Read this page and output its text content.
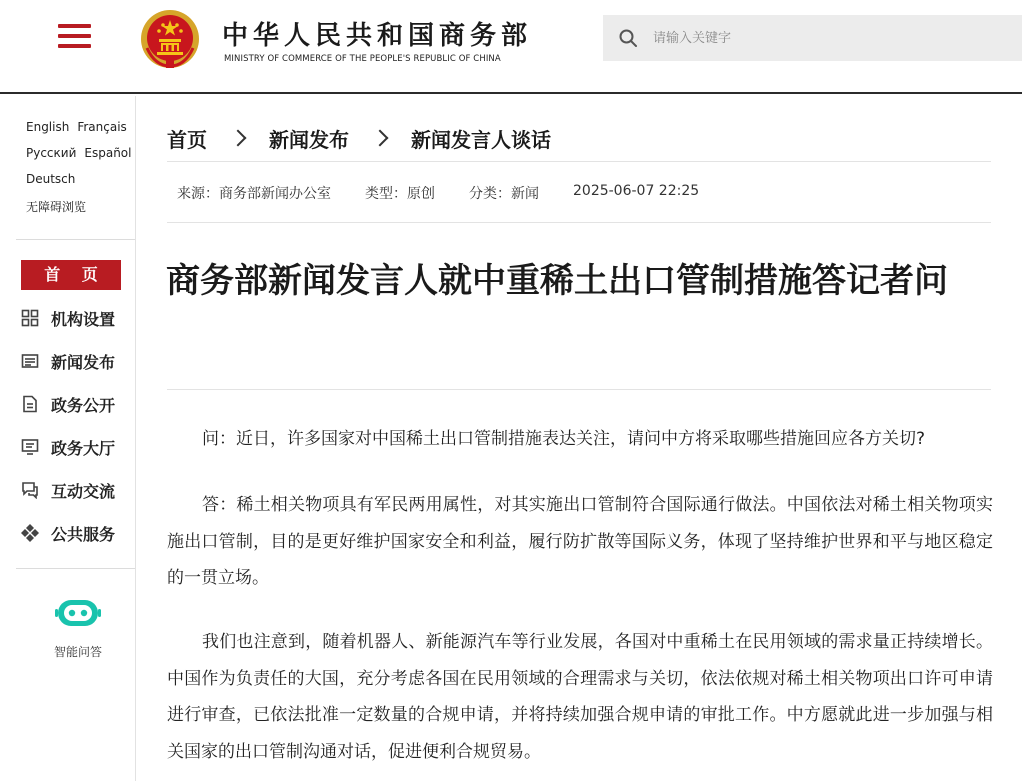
中华人民共和国商务部
MINISTRY OF COMMERCE OF THE PEOPLE'S REPUBLIC OF CHINA
请输入关键字
English Français
Русский Español
Deutsch
无障碍浏览
首 页
机构设置
新闻发布
政务公开
政务大厅
互动交流
公共服务
智能问答
首页	新闻发布	新闻发言人谈话
来源：商务部新闻办公室 类型：原创 分类：新闻 2025-06-07 22:25
商务部新闻发言人就中重稀土出口管制措施答记者问

问：近日，许多国家对中国稀土出口管制措施表达关注，请问中方将采取哪些措施回应各方关切?

答：稀土相关物项具有军民两用属性，对其实施出口管制符合国际通行做法。中国依法对稀土相关物项实施出口管制，目的是更好维护国家安全和利益，履行防扩散等国际义务，体现了坚持维护世界和平与地区稳定的一贯立场。

我们也注意到，随着机器人、新能源汽车等行业发展，各国对中重稀土在民用领域的需求量正持续增长。中国作为负责任的大国，充分考虑各国在民用领域的合理需求与关切，依法依规对稀土相关物项出口许可申请进行审查，已依法批准一定数量的合规申请，并将持续加强合规申请的审批工作。中方愿就此进一步加强与相关国家的出口管制沟通对话，促进便利合规贸易。
